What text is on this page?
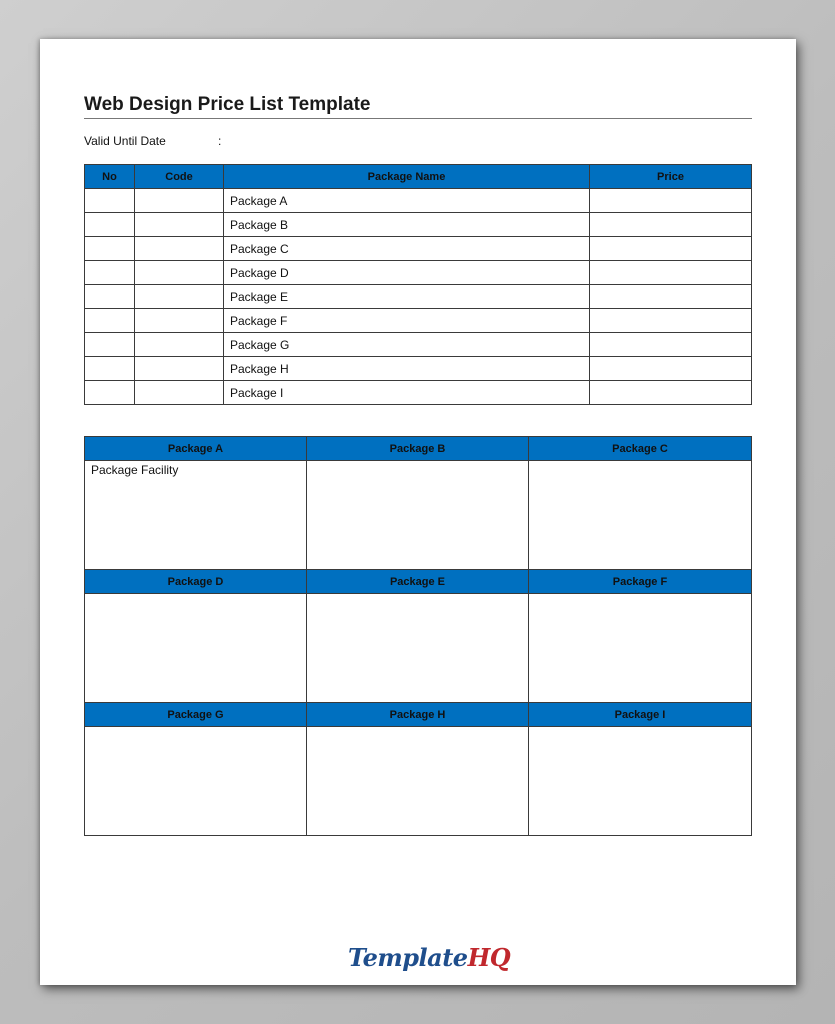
Web Design Price List Template
Valid Until Date	:
No	Code	Package Name	Price
		Package A	
		Package B	
		Package C	
		Package D	
		Package E	
		Package F	
		Package G	
		Package H	
		Package I	
Package A	Package B	Package C
Package Facility		
Package D	Package E	Package F

Package G	Package H	Package I

TemplateHQ
